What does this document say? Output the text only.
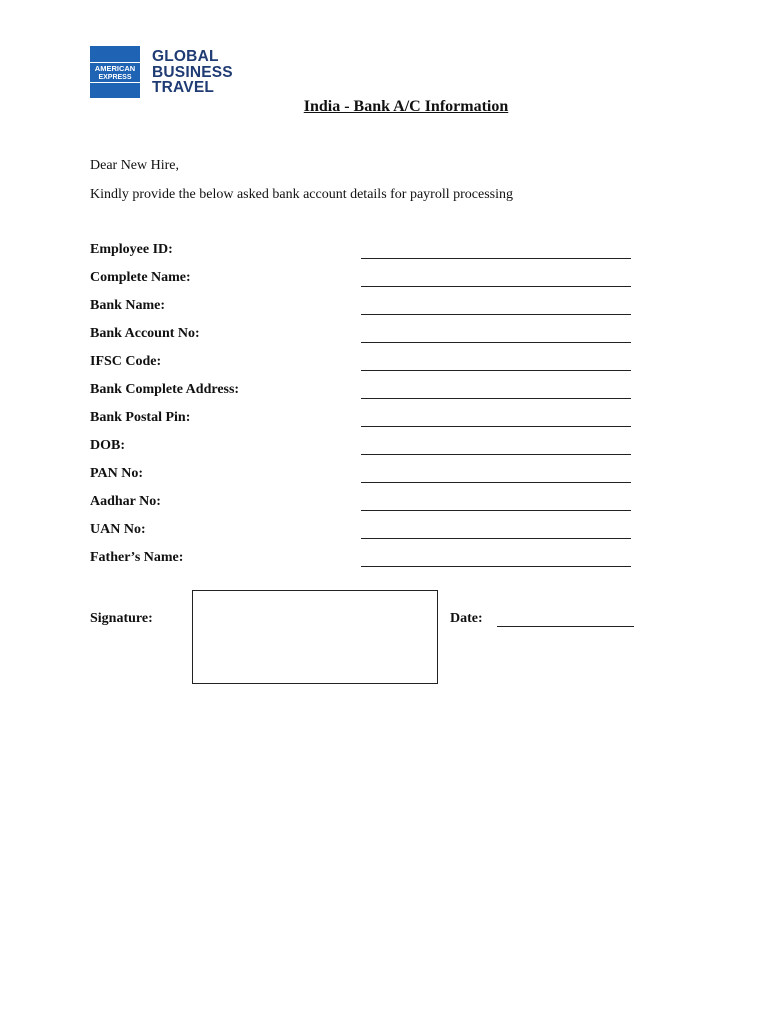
AMERICAN
EXPRESS
GLOBAL
BUSINESS
TRAVEL
India - Bank A/C Information
Dear New Hire,
Kindly provide the below asked bank account details for payroll processing
Employee ID:
Complete Name:
Bank Name:
Bank Account No:
IFSC Code:
Bank Complete Address:
Bank Postal Pin:
DOB:
PAN No:
Aadhar No:
UAN No:
Father’s Name:
Signature:	Date:
